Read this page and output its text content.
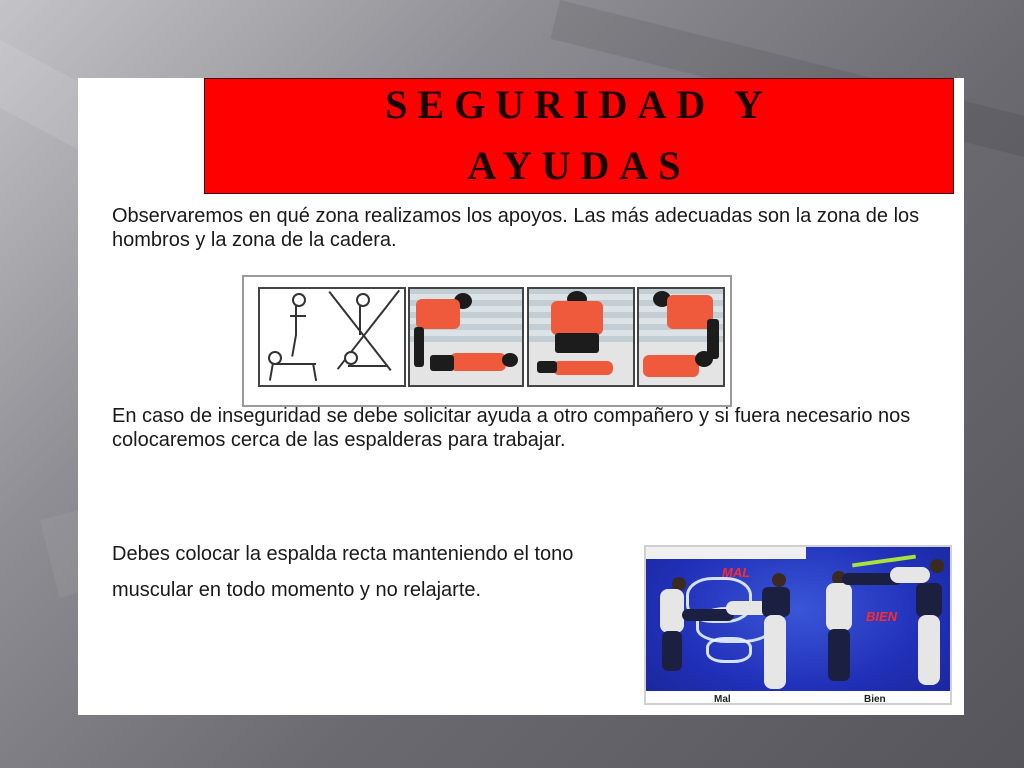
SEGURIDAD Y
AYUDAS
Observaremos en qué zona realizamos los apoyos. Las más adecuadas son la zona de los hombros y la zona de la cadera.
En caso de inseguridad se debe solicitar ayuda a otro compañero y si fuera necesario nos colocaremos cerca de las espalderas para trabajar.
Debes colocar la espalda recta manteniendo el tono muscular en todo momento y no relajarte.
MAL
BIEN
Mal	Bien
